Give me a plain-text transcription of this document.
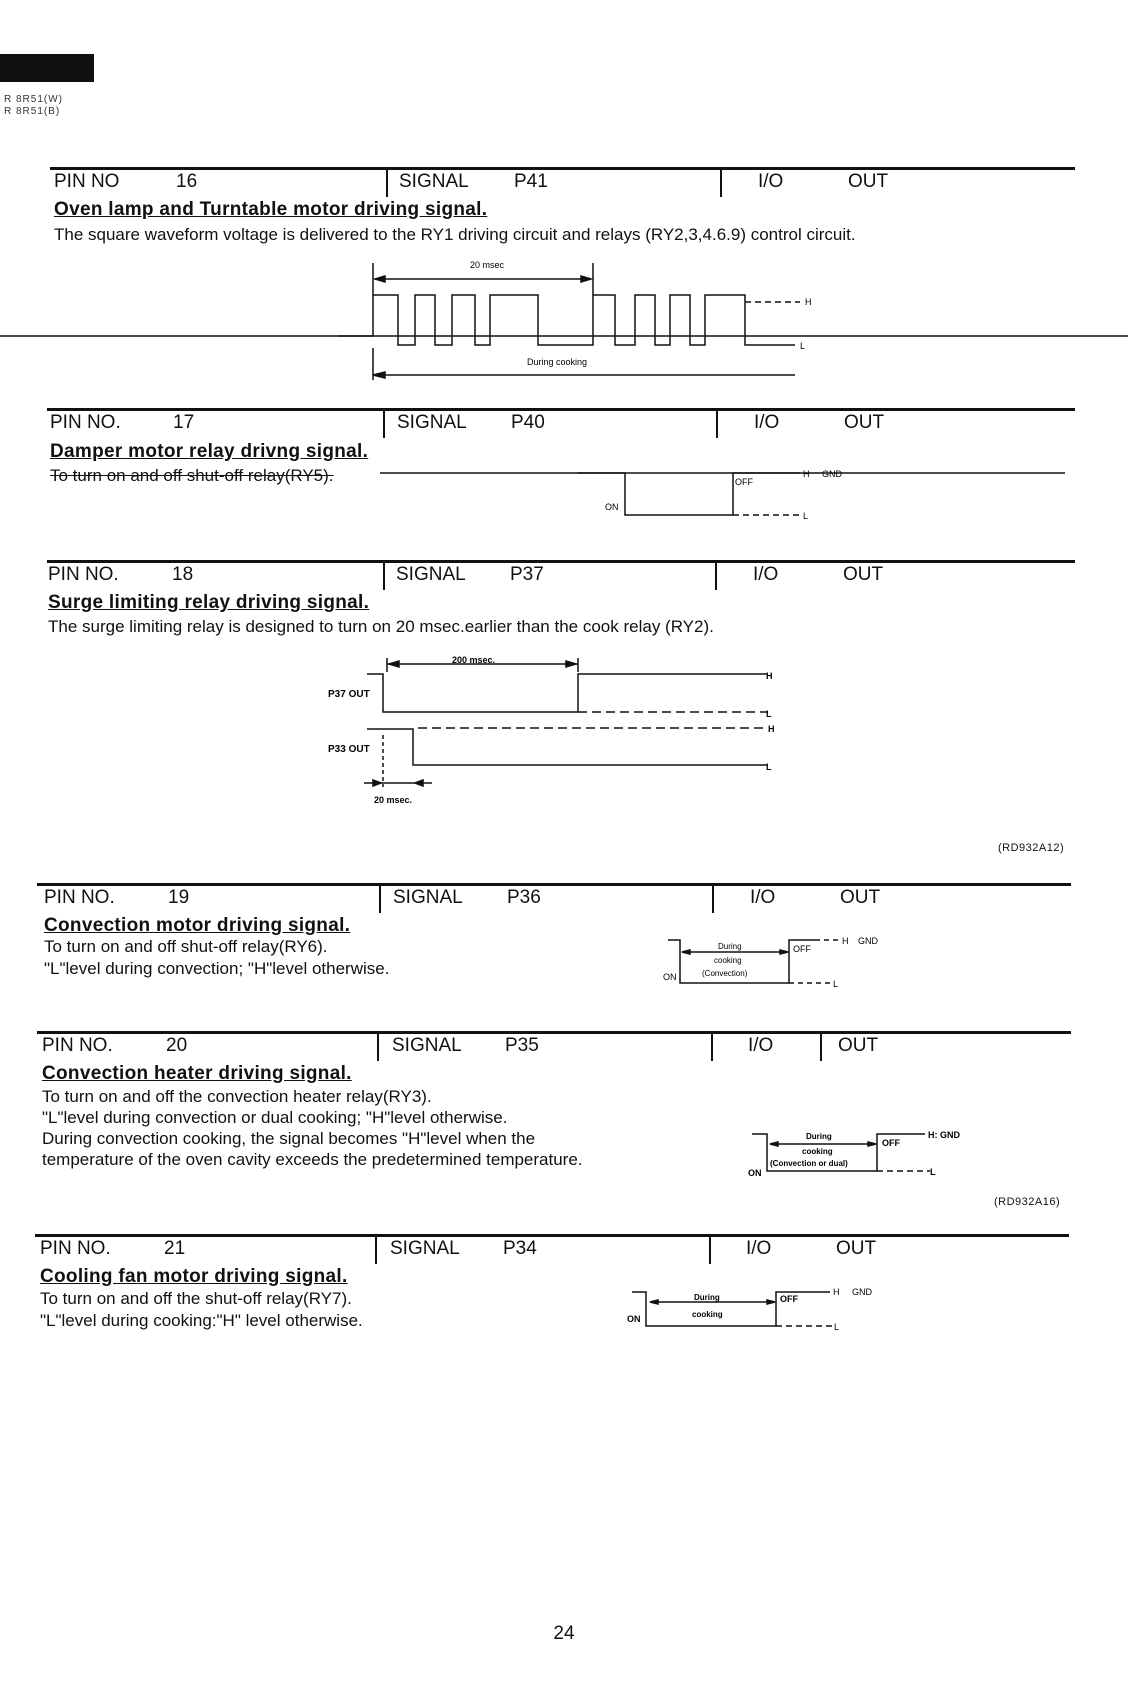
R 8R51(W)
R 8R51(B)
PIN NO	16	SIGNAL P41	I/O	OUT
Oven lamp and Turntable motor driving signal.
The square waveform voltage is delivered to the RY1 driving circuit and relays (RY2,3,4.6.9) control circuit.
20 msec
H
L
During cooking
PIN NO.	17	SIGNAL P40	I/O	OUT
Damper motor relay drivng signal.
To turn on and off shut-off relay(RY5).	OFF
ON
H GND
L
PIN NO.	18	SIGNAL P37	I/O	OUT
Surge limiting relay driving signal.
The surge limiting relay is designed to turn on 20 msec.earlier than the cook relay (RY2).
200 msec.
P37 OUT
P33 OUT
20 msec.
H
L
H
L
(RD932A12)
PIN NO.	19	SIGNAL P36	I/O	OUT
Convection motor driving signal.
To turn on and off shut-off relay(RY6).
"L"level during convection; "H"level otherwise.
During
cooking
(Convection)
OFF
ON
H GND
L
PIN NO.	20	SIGNAL P35	I/O	OUT
Convection heater driving signal.
To turn on and off the convection heater relay(RY3).
"L"level during convection or dual cooking; "H"level otherwise.
During convection cooking, the signal becomes "H"level when the
temperature of the oven cavity exceeds the predetermined temperature.
During
cooking
(Convection or dual)
OFF
ON
H: GND
L
(RD932A16)
PIN NO.	21	SIGNAL P34	I/O	OUT
Cooling fan motor driving signal.
To turn on and off the shut-off relay(RY7).
"L"level during cooking:"H" level otherwise.
During
cooking
OFF
ON
H GND
L
24
